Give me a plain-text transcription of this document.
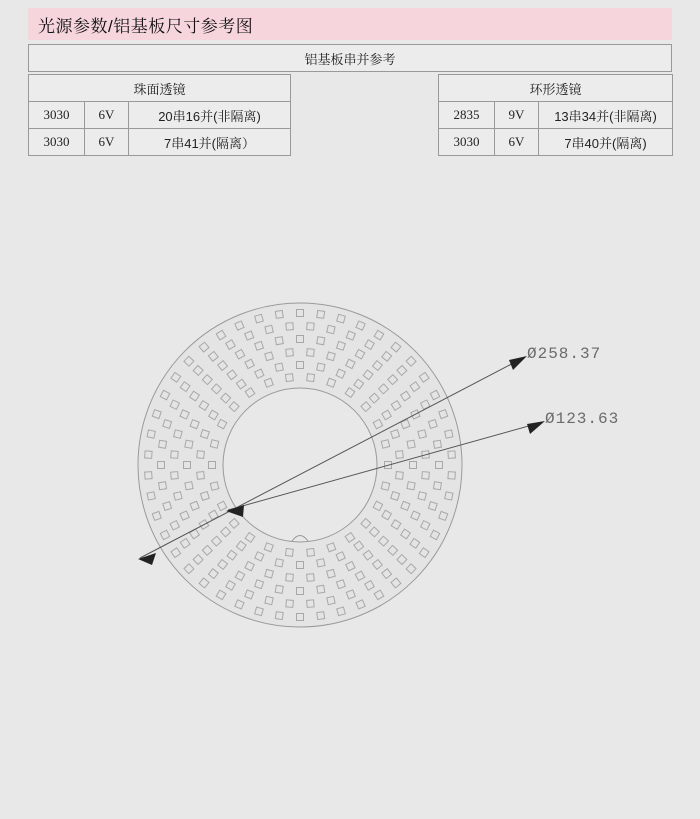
光源参数/铝基板尺寸参考图
铝基板串并参考
珠面透镜		
3030	6V	20串16并(非隔离)
3030	6V	7串41并(隔离）
环形透镜		
2835	9V	13串34并(非隔离)
3030	6V	7串40并(隔离)
Ø258.37
Ø123.63
